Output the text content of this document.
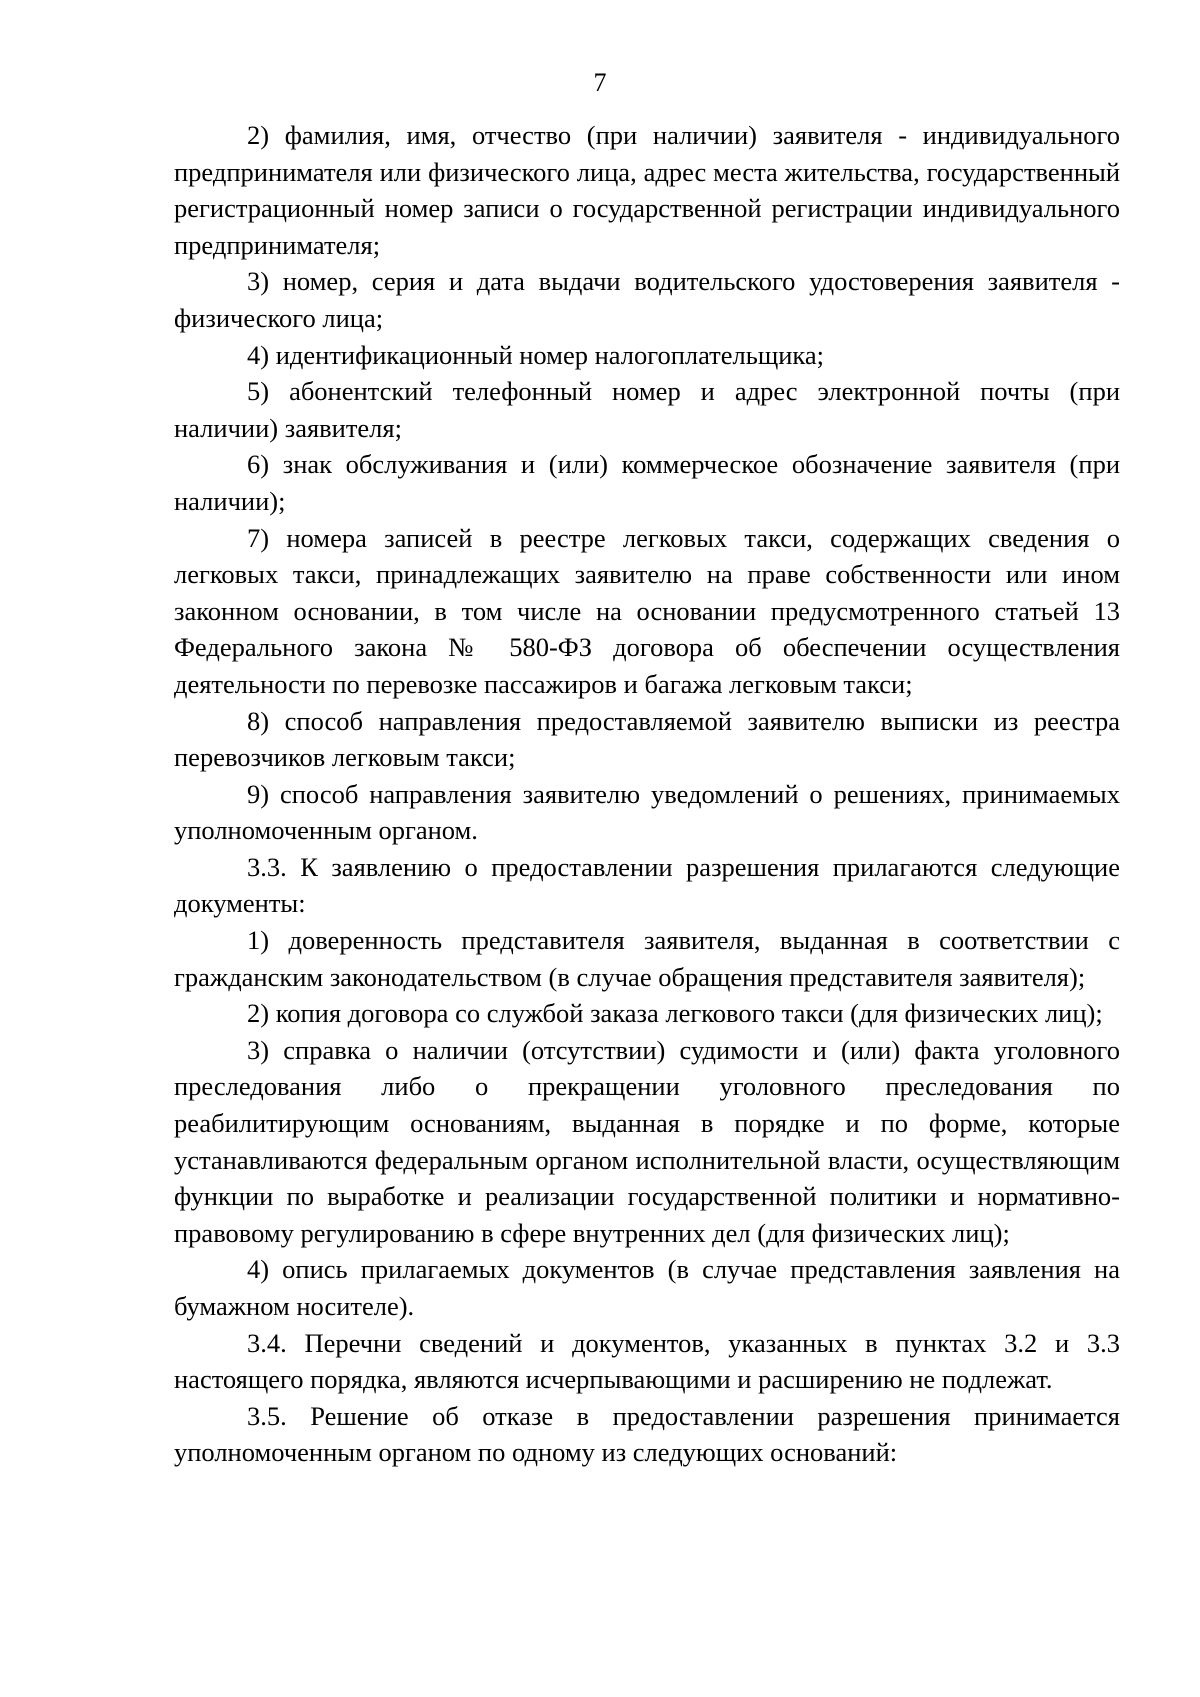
7

2) фамилия, имя, отчество (при наличии) заявителя - индивидуального предпринимателя или физического лица, адрес места жительства, государственный регистрационный номер записи о государственной регистрации индивидуального предпринимателя;

3) номер, серия и дата выдачи водительского удостоверения заявителя - физического лица;

4) идентификационный номер налогоплательщика;

5) абонентский телефонный номер и адрес электронной почты (при наличии) заявителя;

6) знак обслуживания и (или) коммерческое обозначение заявителя (при наличии);

7) номера записей в реестре легковых такси, содержащих сведения о легковых такси, принадлежащих заявителю на праве собственности или ином законном основании, в том числе на основании предусмотренного статьей 13 Федерального закона № 580-ФЗ договора об обеспечении осуществления деятельности по перевозке пассажиров и багажа легковым такси;

8) способ направления предоставляемой заявителю выписки из реестра перевозчиков легковым такси;

9) способ направления заявителю уведомлений о решениях, принимаемых уполномоченным органом.

3.3. К заявлению о предоставлении разрешения прилагаются следующие документы:

1) доверенность представителя заявителя, выданная в соответствии с гражданским законодательством (в случае обращения представителя заявителя);

2) копия договора со службой заказа легкового такси (для физических лиц);

3) справка о наличии (отсутствии) судимости и (или) факта уголовного преследования либо о прекращении уголовного преследования по реабилитирующим основаниям, выданная в порядке и по форме, которые устанавливаются федеральным органом исполнительной власти, осуществляющим функции по выработке и реализации государственной политики и нормативно-правовому регулированию в сфере внутренних дел (для физических лиц);

4) опись прилагаемых документов (в случае представления заявления на бумажном носителе).

3.4. Перечни сведений и документов, указанных в пунктах 3.2 и 3.3 настоящего порядка, являются исчерпывающими и расширению не подлежат.

3.5. Решение об отказе в предоставлении разрешения принимается уполномоченным органом по одному из следующих оснований:
